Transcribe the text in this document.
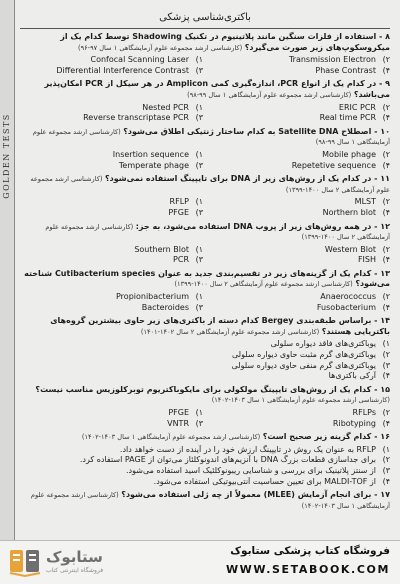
GOLDEN TESTS
باکتری‌شناسی پزشکی
۸ - استفاده از فلزات سنگین مانند پلاتینیوم در تکنیک Shadowing توسط کدام یک از میکروسکوپ‌های زیر صورت می‌گیرد؟ (کارشناسی ارشد مجموعه علوم آزمایشگاهی ۱ سال ۹۷-۹۶)
۲)Transmission Electron
۱)Confocal Scanning Laser
۴)Phase Contrast
۳)Differential Interference Contrast
۹ - در کدام یک از انواع PCR، اندازه‌گیری کمی Amplicon در هر سیکل از PCR امکان‌پذیر می‌باشد؟ (کارشناسی ارشد مجموعه علوم آزمایشگاهی ۱ سال ۹۹-۹۸)
۲)ERIC PCR
۱)Nested PCR
۴)Real time PCR
۳)Reverse transcriptase PCR
۱۰ - اصطلاح Satellite DNA به کدام ساختار ژنتیکی اطلاق می‌شود؟ (کارشناسی ارشد مجموعه علوم آزمایشگاهی ۱ سال ۹۹-۹۸)
۲)Mobile phage
۱)Insertion sequence
۴)Repetetive sequence
۳)Temperate phage
۱۱ - در کدام یک از روش‌های زیر از DNA برای تایپینگ استفاده نمی‌شود؟ (کارشناسی ارشد مجموعه علوم آزمایشگاهی ۲ سال ۱۴۰۰-۱۳۹۹)
۲)MLST
۱)RFLP
۴)Northern blot
۳)PFGE
۱۲ - در همه روش‌های زیر از پروب DNA استفاده می‌شود، به جز: (کارشناسی ارشد مجموعه علوم آزمایشگاهی ۲ سال ۱۴۰۰-۱۳۹۹)
۲)Western Blot
۱)Southern Blot
۴)FISH
۳)PCR
۱۳ - کدام یک از گزینه‌های زیر در تقسیم‌بندی جدید به عنوان Cutibacterium species شناخته می‌شود؟ (کارشناسی ارشد مجموعه علوم آزمایشگاهی ۲ سال ۱۴۰۰-۱۳۹۹)
۲)Anaerococcus
۱)Propionibacterium
۴)Fusobacterium
۳)Bacteroides
۱۴ - براساس طبقه‌بندی Bergey کدام دسته از باکتری‌های زیر حاوی بیشترین گروه‌های باکتریایی هستند؟ (کارشناسی ارشد مجموعه علوم آزمایشگاهی ۲ سال ۱۴۰۲-۱۴۰۱)
۱)یوباکتری‌های فاقد دیواره سلولی
۲)یوباکتری‌های گرم مثبت حاوی دیواره سلولی
۳)یوباکتری‌های گرم منفی حاوی دیواره سلولی
۴)آرکی باکتری‌ها
۱۵ - کدام یک از روش‌های تایپینگ مولکولی برای مایکوباکتریوم توبرکلوزیس مناسب نیست؟ (کارشناسی ارشد مجموعه علوم آزمایشگاهی ۱ سال ۱۴۰۳-۱۴۰۲)
۲)RFLPs
۱)PFGE
۴)Ribotyping
۳)VNTR
۱۶ - کدام گزینه زیر صحیح است؟ (کارشناسی ارشد مجموعه علوم آزمایشگاهی ۱ سال ۱۴۰۳-۱۴۰۲)
۱)RFLP به عنوان یک روش در تایپینگ ارزش خود را در آینده از دست خواهد داد.
۲)برای جداسازی قطعات بزرگ DNA با آنزیم‌های اندونوکلئاز می‌توان از PAGE استفاده کرد.
۳)از سنتز پلاتینیک برای بررسی و شناسایی ریبونوکلئیک اسید استفاده می‌شود.
۴)از MALDI-TOF برای تعیین حساسیت آنتی‌بیوتیکی استفاده می‌شود.
۱۷ - برای انجام آزمایش (MLEE) معمولاً از چه ژلی استفاده می‌شود؟ (کارشناسی ارشد مجموعه علوم آزمایشگاهی ۱ سال ۱۴۰۳-۱۴۰۲)
ستابوک
فروشگاه اینترنتی کتاب
فروشگاه کتاب پزشکی ستابوک
WWW.SETABOOK.COM
